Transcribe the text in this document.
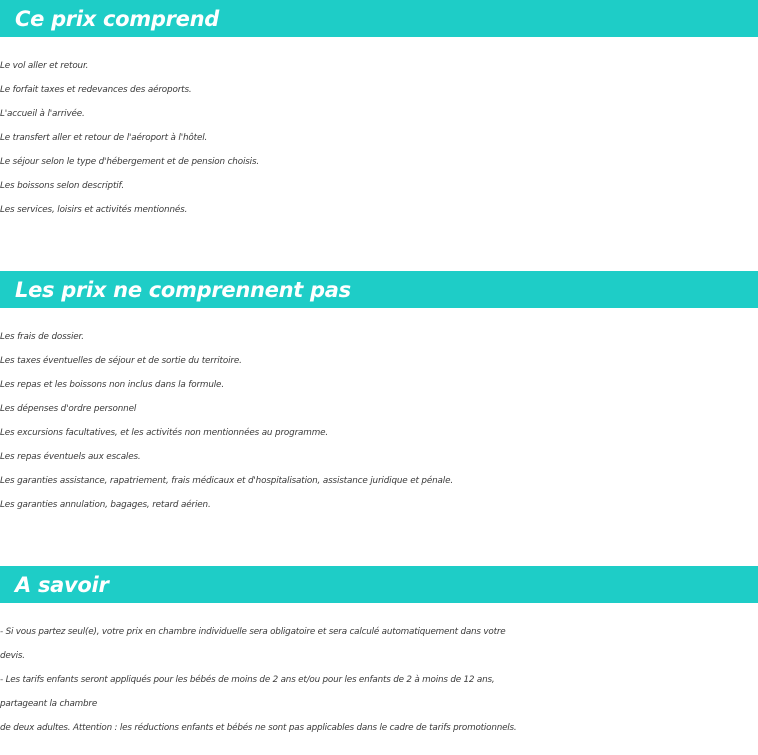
Ce prix comprend
Le vol aller et retour.
Le forfait taxes et redevances des aéroports.
L'accueil à l'arrivée.
Le transfert aller et retour de l'aéroport à l'hôtel.
Le séjour selon le type d'hébergement et de pension choisis.
Les boissons selon descriptif.
Les services, loisirs et activités mentionnés.
Les prix ne comprennent pas
Les frais de dossier.
Les taxes éventuelles de séjour et de sortie du territoire.
Les repas et les boissons non inclus dans la formule.
Les dépenses d'ordre personnel
Les excursions facultatives, et les activités non mentionnées au programme.
Les repas éventuels aux escales.
Les garanties assistance, rapatriement, frais médicaux et d'hospitalisation, assistance juridique et pénale.
Les garanties annulation, bagages, retard aérien.
A savoir
- Si vous partez seul(e), votre prix en chambre individuelle sera obligatoire et sera calculé automatiquement dans votre
devis.
- Les tarifs enfants seront appliqués pour les bébés de moins de 2 ans et/ou pour les enfants de 2 à moins de 12 ans,
partageant la chambre
de deux adultes. Attention : les réductions enfants et bébés ne sont pas applicables dans le cadre de tarifs promotionnels.
